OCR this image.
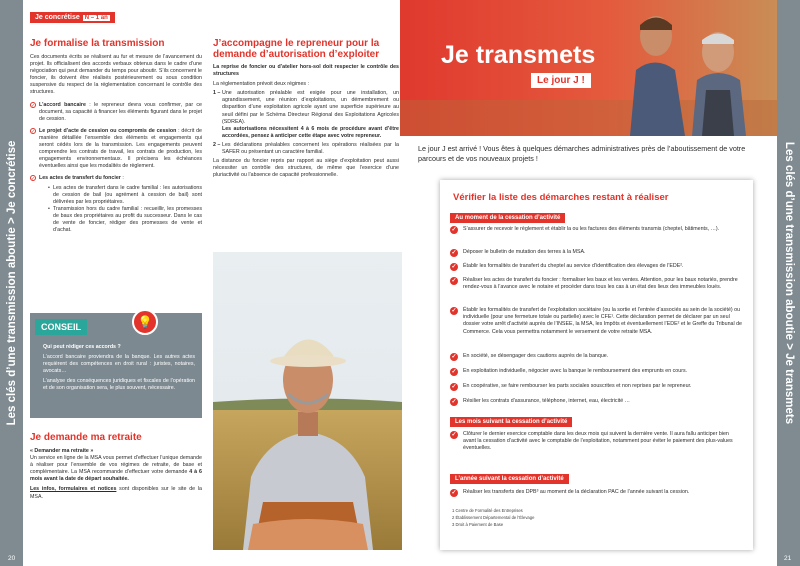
Les clés d’une transmission aboutie > Je concrétise
20
Les clés d’une transmission aboutie > Je transmets
21
Je concrétise N – 1 an
Je formalise la transmission

Ces documents écrits se réalisent au fur et mesure de l’avancement du projet. Ils officialisent des accords verbaux obtenus dans le cadre d’une négociation qui peut demander du temps pour aboutir. S’ils concernent le foncier, ils doivent être réalisés postérieurement ou sous condition suspensive du respect de la réglementation concernant le contrôle des structures.

✓ L’accord bancaire : le repreneur devra vous confirmer, par ce document, sa capacité à financer les éléments figurant dans le projet de cession.

✓ Le projet d’acte de cession ou compromis de cession : décrit de manière détaillée l’ensemble des éléments et engagements qui seront cédés lors de la transmission. Les engagements peuvent comprendre les contrats de travail, les contrats de production, les engagements environnementaux. Il précisera les échéances éventuelles ainsi que les modalités de règlement.

✓ Les actes de transfert du foncier :
• Les actes de transfert dans le cadre familial : les autorisations de cession de bail (ou agrément à cession de bail) sont délivrées par les propriétaires.
• Transmission hors du cadre familial : recueillir, les promesses de baux des propriétaires au profit du successeur. Dans le cas de vente de foncier, rédiger des promesses de vente et d’achat.
CONSEIL	💡
Qui peut rédiger ces accords ?
L’accord bancaire proviendra de la banque. Les autres actes requièrent des compétences en droit rural : juristes, notaires, avocats…
L’analyse des conséquences juridiques et fiscales de l’opération et de son organisation sera, le plus souvent, nécessaire.
Je demande ma retraite

« Demander ma retraite »

Un service en ligne de la MSA vous permet d’effectuer l’unique demande à réaliser pour l’ensemble de vos régimes de retraite, de base et complémentaire. La MSA recommande d’effectuer votre demande 4 à 6 mois avant la date de départ souhaitée.

Les infos, formulaires et notices sont disponibles sur le site de la MSA.

J’accompagne le repreneur pour la demande d’autorisation d’exploiter

La reprise de foncier ou d’atelier hors-sol doit respecter le contrôle des structures

La réglementation prévoit deux régimes :

1 – Une autorisation préalable est exigée pour une installation, un agrandissement, une réunion d’exploitations, un démembrement ou disparition d’une exploitation agricole ayant une superficie supérieure au seuil défini par le Schéma Directeur Régional des Exploitations Agricoles (SDREA).
Les autorisations nécessitent 4 à 6 mois de procédure avant d’être accordées, pensez à anticiper cette étape avec votre repreneur.
2 – Les déclarations préalables concernent les opérations réalisées par la SAFER ou présentant un caractère familial.

La distance du foncier repris par rapport au siège d’exploitation peut aussi nécessiter un contrôle des structures, de même que l’exercice d’une pluriactivité ou l’absence de capacité professionnelle.

Je transmets
Le jour J !
Le jour J est arrivé ! Vous êtes à quelques démarches administratives près de l’aboutissement de votre parcours et de vos nouveaux projets !
Vérifier la liste des démarches restant à réaliser
Au moment de la cessation d’activité
✓ S’assurer de recevoir le règlement et établir la ou les factures des éléments transmis (cheptel, bâtiments, …).
✓ Déposer le bulletin de mutation des terres à la MSA.
✓ Établir les formalités de transfert du cheptel au service d’identification des élevages de l’EDE².
✓ Réaliser les actes de transfert du foncier : formaliser les baux et les ventes. Attention, pour les baux notariés, prendre rendez-vous à l’avance avec le notaire et procéder dans tous les cas à un état des lieux des immeubles loués.
✓ Établir les formalités de transfert de l’exploitation sociétaire (ou la sortie et l’entrée d’associés au sein de la société) ou individuelle (pour une fermeture totale ou partielle) avec le CFE¹. Cette déclaration permet de déclarer par un seul dossier votre arrêt d’activité auprès de l’INSEE, la MSA, les Impôts et éventuellement l’EDE² et le Greffe du Tribunal de Commerce. Cela vous permettra notamment le versement de votre retraite MSA.
✓ En société, se désengager des cautions auprès de la banque.
✓ En exploitation individuelle, négocier avec la banque le remboursement des emprunts en cours.
✓ En coopérative, se faire rembourser les parts sociales souscrites et non reprises par le repreneur.
✓ Résilier les contrats d’assurance, téléphone, internet, eau, électricité …
Les mois suivant la cessation d’activité
✓ Clôturer le dernier exercice comptable dans les deux mois qui suivent la dernière vente. Il aura fallu anticiper bien avant la cessation d’activité avec le comptable de l’exploitation, notamment pour éviter le paiement des plus-values éventuelles.
L’année suivant la cessation d’activité
✓ Réaliser les transferts des DPB³ au moment de la déclaration PAC de l’année suivant la cession.
1 Centre de Formalité des Entreprises
2 Établissement Départemental de l’Élevage
3 Droit à Paiement de Base
